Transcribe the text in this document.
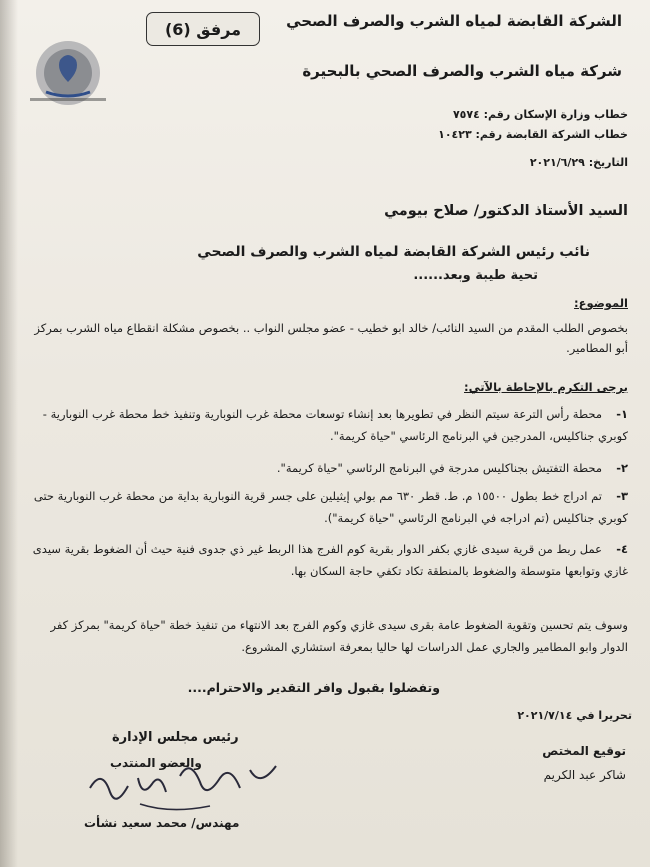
الشركة القابضة لمياه الشرب والصرف الصحي
شركة مياه الشرب والصرف الصحي بالبحيرة
مرفق (6)
خطاب وزارة الإسكان رقم: ٧٥٧٤
خطاب الشركة القابضة رقم: ١٠٤٢٣
التاريخ: ٢٠٢١/٦/٢٩
السيد الأستاذ الدكتور/ صلاح بيومي
نائب رئيس الشركة القابضة لمياه الشرب والصرف الصحي
تحية طيبة وبعد......
الموضوع:
بخصوص الطلب المقدم من السيد النائب/ خالد ابو خطيب - عضو مجلس النواب .. بخصوص مشكلة انقطاع مياه الشرب بمركز أبو المطامير.
برجى التكرم بالإحاطة بالآتي:
١-محطة رأس الترعة سيتم النظر في تطويرها بعد إنشاء توسعات محطة غرب النوبارية وتنفيذ خط محطة غرب النوبارية - كوبري جناكليس، المدرجين في البرنامج الرئاسي "حياة كريمة".
٢-محطة التفتيش بجناكليس مدرجة في البرنامج الرئاسي "حياة كريمة".
٣-تم ادراج خط بطول ١٥٥٠٠ م. ط. قطر ٦٣٠ مم بولي إيثيلين على جسر قرية النوبارية بداية من محطة غرب النوبارية حتى كوبري جناكليس (تم ادراجه في البرنامج الرئاسي "حياة كريمة").
٤-عمل ربط من قرية سيدى غازي بكفر الدوار بقرية كوم الفرج هذا الربط غير ذي جدوى فنية حيث أن الضغوط بقرية سيدى غازي وتوابعها متوسطة والضغوط بالمنطقة تكاد تكفي حاجة السكان بها.
وسوف يتم تحسين وتقوية الضغوط عامة بقرى سيدى غازي وكوم الفرج بعد الانتهاء من تنفيذ خطة "حياة كريمة" بمركز كفر الدوار وابو المطامير والجاري عمل الدراسات لها حاليا بمعرفة استشاري المشروع.
وتفضلوا بقبول وافر التقدير والاحترام....
تحريرا في ٢٠٢١/٧/١٤
رئيس مجلس الإدارة
والعضو المنتدب
مهندس/ محمد سعيد نشأت
توقيع المختص
شاكر عبد الكريم
